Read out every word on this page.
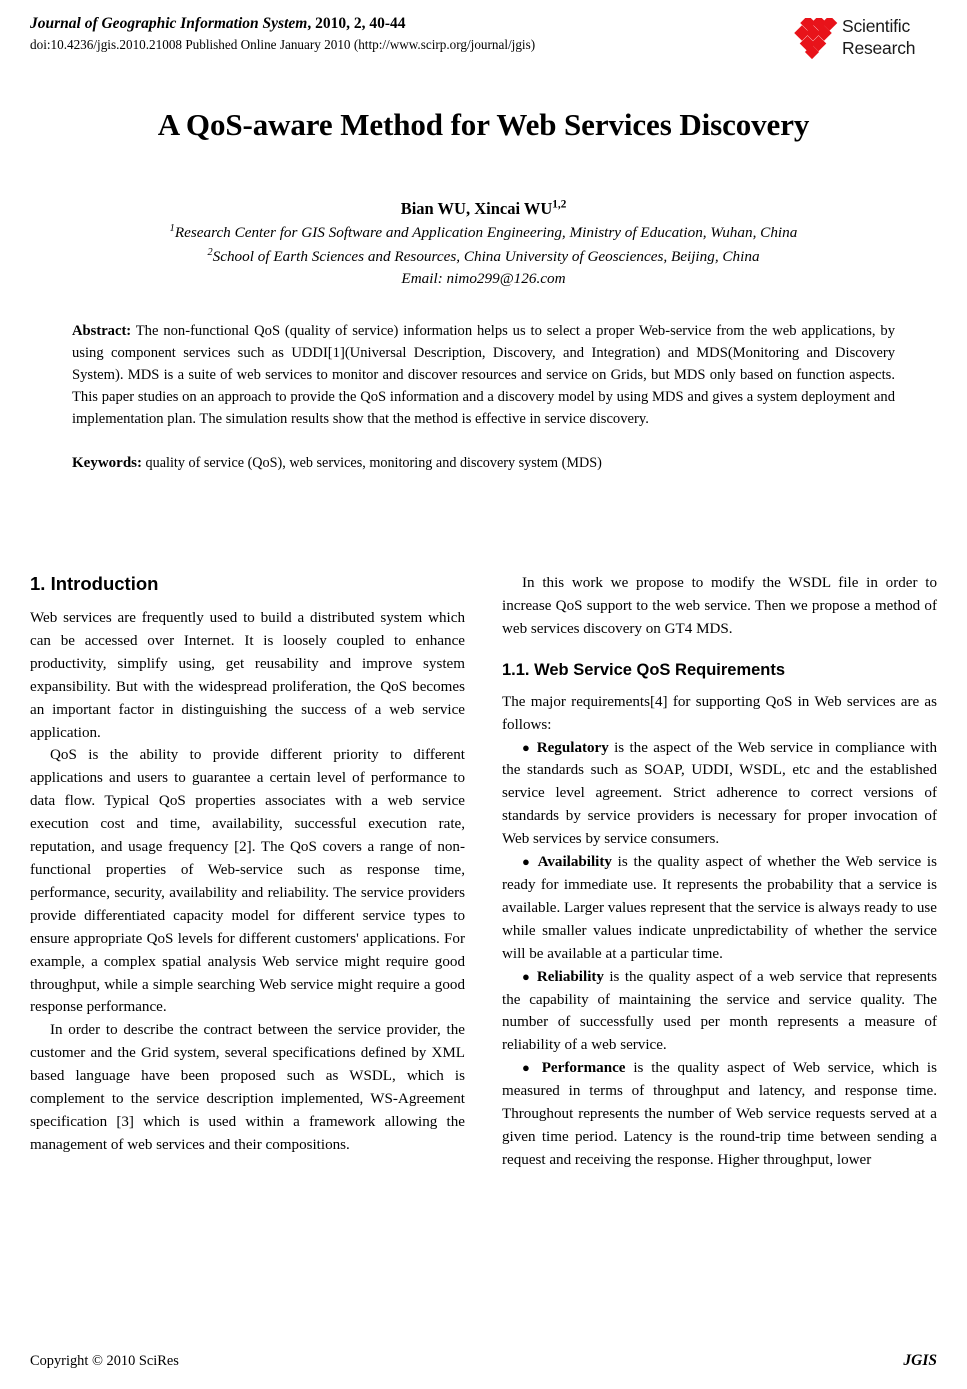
Journal of Geographic Information System, 2010, 2, 40-44
doi:10.4236/jgis.2010.21008 Published Online January 2010 (http://www.scirp.org/journal/jgis)
Scientific
Research
A QoS-aware Method for Web Services Discovery
Bian WU, Xincai WU$^{1,2}$
$^1$Research Center for GIS Software and Application Engineering, Ministry of Education, Wuhan, China
$^2$School of Earth Sciences and Resources, China University of Geosciences, Beijing, China
Email: nimo299@126.com

Abstract: The non-functional QoS (quality of service) information helps us to select a proper Web-service from the web applications, by using component services such as UDDI[1](Universal Description, Discovery, and Integration) and MDS(Monitoring and Discovery System). MDS is a suite of web services to monitor and discover resources and service on Grids, but MDS only based on function aspects. This paper studies on an approach to provide the QoS information and a discovery model by using MDS and gives a system deployment and implementation plan. The simulation results show that the method is effective in service discovery.

Keywords: quality of service (QoS), web services, monitoring and discovery system (MDS)

1. Introduction

Web services are frequently used to build a distributed system which can be accessed over Internet. It is loosely coupled to enhance productivity, simplify using, get reusability and improve system expansibility. But with the widespread proliferation, the QoS becomes an important factor in distinguishing the success of a web service application.

QoS is the ability to provide different priority to different applications and users to guarantee a certain level of performance to data flow. Typical QoS properties associates with a web service execution cost and time, availability, successful execution rate, reputation, and usage frequency [2]. The QoS covers a range of non-functional properties of Web-service such as response time, performance, security, availability and reliability. The service providers provide differentiated capacity model for different service types to ensure appropriate QoS levels for different customers' applications. For example, a complex spatial analysis Web service might require good throughput, while a simple searching Web service might require a good response performance.

In order to describe the contract between the service provider, the customer and the Grid system, several specifications defined by XML based language have been proposed such as WSDL, which is complement to the service description implemented, WS-Agreement specification [3] which is used within a framework allowing the management of web services and their compositions.

In this work we propose to modify the WSDL file in order to increase QoS support to the web service. Then we propose a method of web services discovery on GT4 MDS.

1.1. Web Service QoS Requirements

The major requirements[4] for supporting QoS in Web services are as follows:

● Regulatory is the aspect of the Web service in compliance with the standards such as SOAP, UDDI, WSDL, etc and the established service level agreement. Strict adherence to correct versions of standards by service providers is necessary for proper invocation of Web services by service consumers.

● Availability is the quality aspect of whether the Web service is ready for immediate use. It represents the probability that a service is available. Larger values represent that the service is always ready to use while smaller values indicate unpredictability of whether the service will be available at a particular time.

● Reliability is the quality aspect of a web service that represents the capability of maintaining the service and service quality. The number of successfully used per month represents a measure of reliability of a web service.

● Performance is the quality aspect of Web service, which is measured in terms of throughput and latency, and response time. Throughout represents the number of Web service requests served at a given time period. Latency is the round-trip time between sending a request and receiving the response. Higher throughput, lower

Copyright © 2010 SciRes	JGIS
